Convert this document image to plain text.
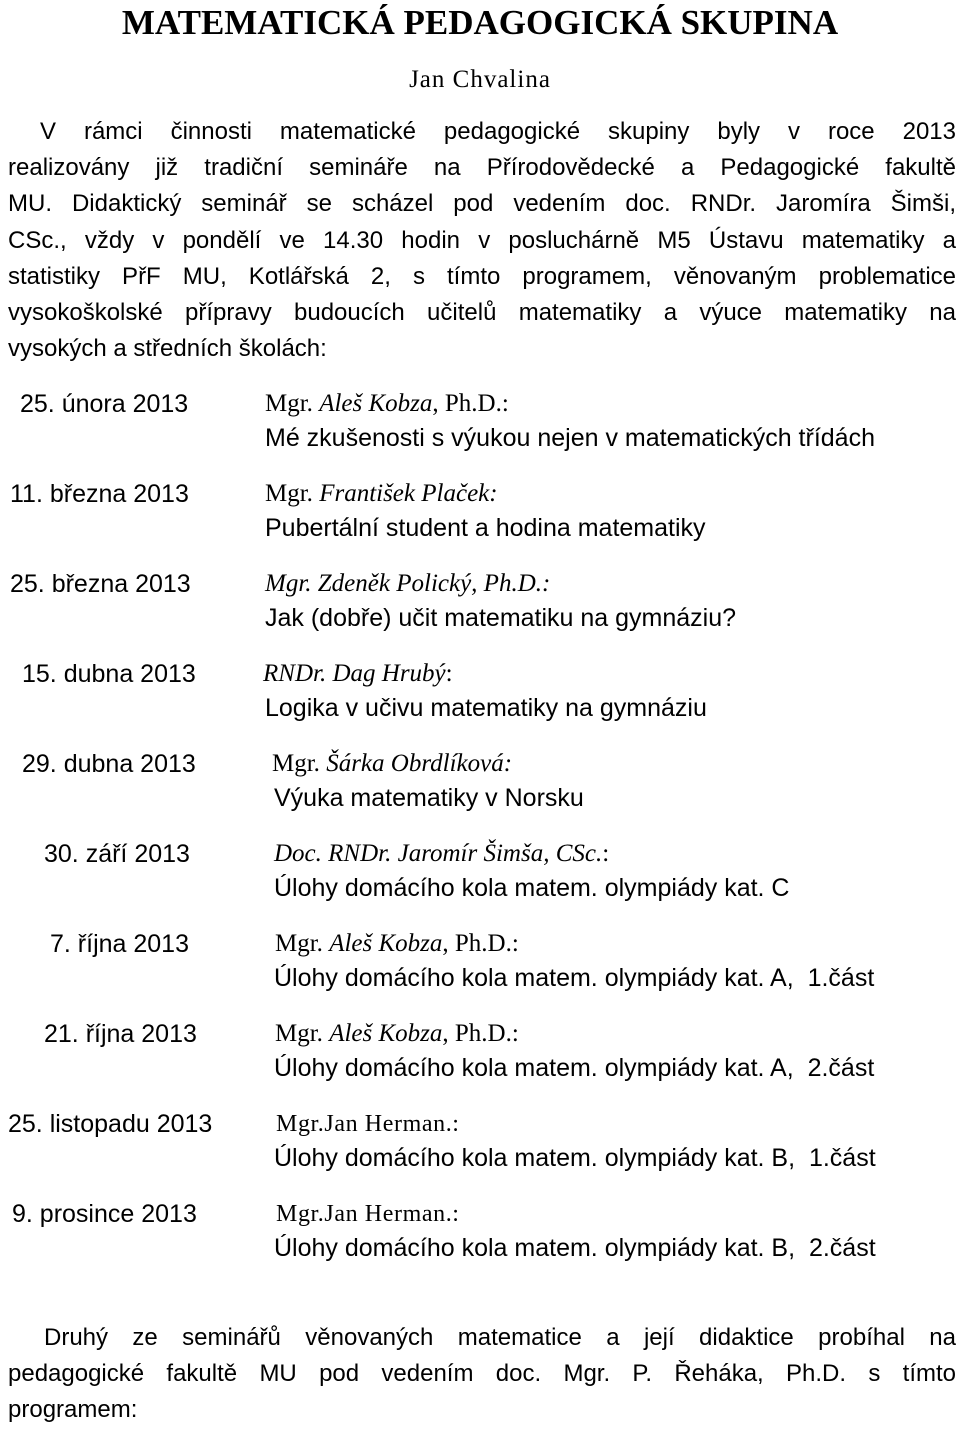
MATEMATICKÁ PEDAGOGICKÁ SKUPINA
Jan Chvalina

V rámci činnosti matematické pedagogické skupiny byly v roce 2013
realizovány již tradiční semináře na Přírodovědecké a Pedagogické fakultě
MU. Didaktický seminář se scházel pod vedením doc. RNDr. Jaromíra Šimši,
CSc., vždy v pondělí ve 14.30 hodin v posluchárně M5 Ústavu matematiky a
statistiky PřF MU, Kotlářská 2, s tímto programem, věnovaným problematice
vysokoškolské přípravy budoucích učitelů matematiky a výuce matematiky na
vysokých a středních školách:

25. února 2013	Mgr. Aleš Kobza, Ph.D.:
Mé zkušenosti s výukou nejen v matematických třídách
11. března 2013	Mgr. František Plaček:
Pubertální student a hodina matematiky
25. března 2013	Mgr. Zdeněk Polický, Ph.D.:
Jak (dobře) učit matematiku na gymnáziu?
15. dubna 2013	RNDr. Dag Hrubý:
Logika v učivu matematiky na gymnáziu
29. dubna 2013	Mgr. Šárka Obrdlíková:
Výuka matematiky v Norsku
30. září 2013	Doc. RNDr. Jaromír Šimša, CSc.:
Úlohy domácího kola matem. olympiády kat. C
7. října 2013	Mgr. Aleš Kobza, Ph.D.:
Úlohy domácího kola matem. olympiády kat. A,  1.část
21. října 2013	Mgr. Aleš Kobza, Ph.D.:
Úlohy domácího kola matem. olympiády kat. A,  2.část
25. listopadu 2013	Mgr.Jan Herman.:
Úlohy domácího kola matem. olympiády kat. B,  1.část
9. prosince 2013	Mgr.Jan Herman.:
Úlohy domácího kola matem. olympiády kat. B,  2.část

Druhý ze seminářů věnovaných matematice a její didaktice probíhal na
pedagogické fakultě MU pod vedením doc. Mgr. P. Řeháka, Ph.D. s tímto
programem:
